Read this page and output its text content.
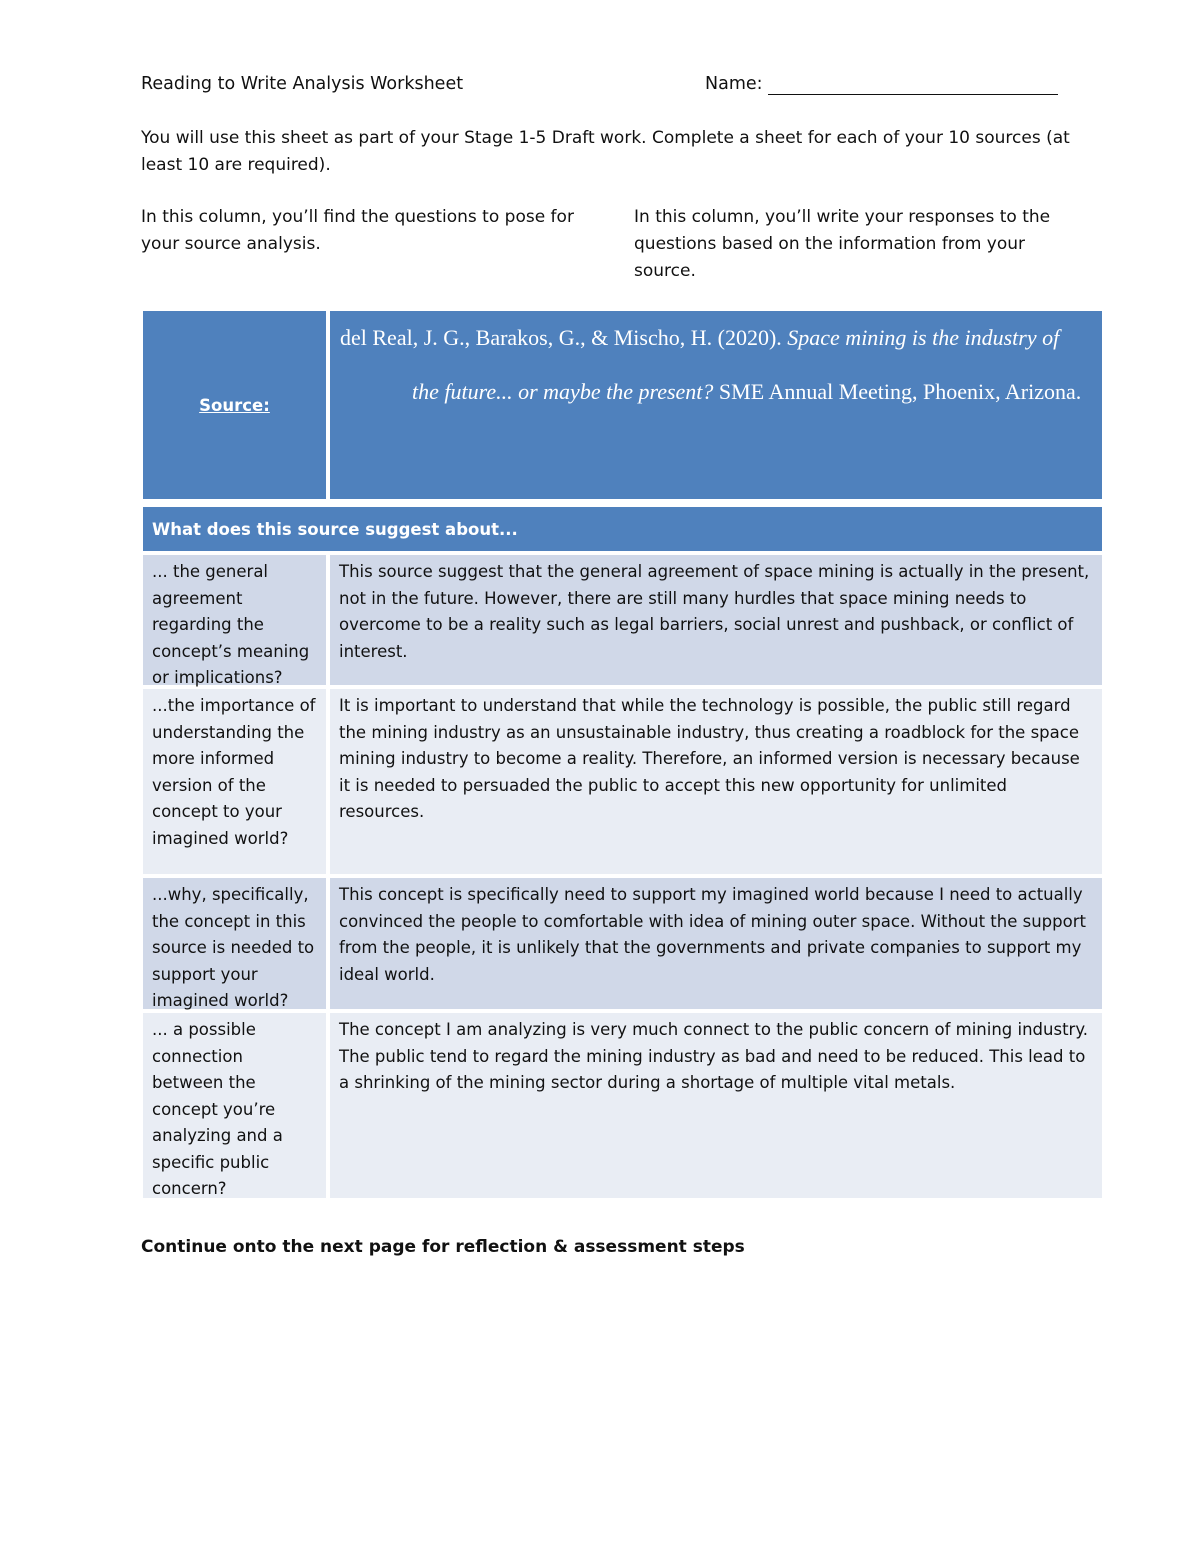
Reading to Write Analysis Worksheet	Name:
You will use this sheet as part of your Stage 1-5 Draft work. Complete a sheet for each of your 10 sources (at least 10 are required).
In this column, you’ll find the questions to pose for your source analysis.
In this column, you’ll write your responses to the questions based on the information from your source.
Source:
del Real, J. G., Barakos, G., & Mischo, H. (2020). Space mining is the industry of the future... or maybe the present? SME Annual Meeting, Phoenix, Arizona.
What does this source suggest about...
... the general agreement regarding the concept’s meaning or implications?
This source suggest that the general agreement of space mining is actually in the present, not in the future. However, there are still many hurdles that space mining needs to overcome to be a reality such as legal barriers, social unrest and pushback, or conflict of interest.
...the importance of understanding the more informed version of the concept to your imagined world?
It is important to understand that while the technology is possible, the public still regard the mining industry as an unsustainable industry, thus creating a roadblock for the space mining industry to become a reality. Therefore, an informed version is necessary because it is needed to persuaded the public to accept this new opportunity for unlimited resources.
...why, specifically, the concept in this source is needed to support your imagined world?
This concept is specifically need to support my imagined world because I need to actually convinced the people to comfortable with idea of mining outer space. Without the support from the people, it is unlikely that the governments and private companies to support my ideal world.
... a possible connection between the concept you’re analyzing and a specific public concern?
The concept I am analyzing is very much connect to the public concern of mining industry. The public tend to regard the mining industry as bad and need to be reduced. This lead to a shrinking of the mining sector during a shortage of multiple vital metals.
Continue onto the next page for reflection & assessment steps
